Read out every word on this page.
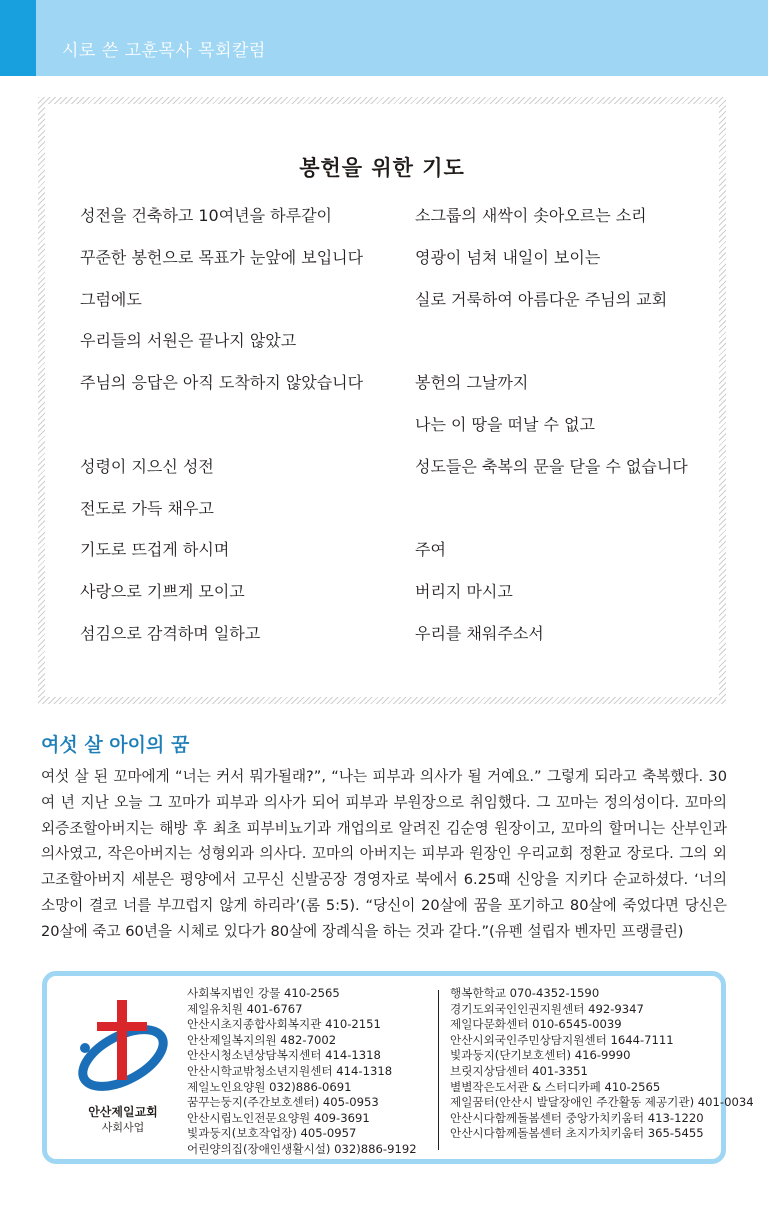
시로 쓴 고훈목사 목회칼럼
봉헌을 위한 기도
성전을 건축하고 10여년을 하루같이
꾸준한 봉헌으로 목표가 눈앞에 보입니다
그럼에도
우리들의 서원은 끝나지 않았고
주님의 응답은 아직 도착하지 않았습니다
성령이 지으신 성전
전도로 가득 채우고
기도로 뜨겁게 하시며
사랑으로 기쁘게 모이고
섬김으로 감격하며 일하고
소그룹의 새싹이 솟아오르는 소리
영광이 넘쳐 내일이 보이는
실로 거룩하여 아름다운 주님의 교회
봉헌의 그날까지
나는 이 땅을 떠날 수 없고
성도들은 축복의 문을 닫을 수 없습니다
주여
버리지 마시고
우리를 채워주소서
여섯 살 아이의 꿈
여섯 살 된 꼬마에게 “너는 커서 뭐가될래?”, “나는 피부과 의사가 될 거예요.” 그렇게 되라고 축복했다. 30여 년 지난 오늘 그 꼬마가 피부과 의사가 되어 피부과 부원장으로 취임했다. 그 꼬마는 정의성이다. 꼬마의 외증조할아버지는 해방 후 최초 피부비뇨기과 개업의로 알려진 김순영 원장이고, 꼬마의 할머니는 산부인과 의사였고, 작은아버지는 성형외과 의사다. 꼬마의 아버지는 피부과 원장인 우리교회 정환교 장로다. 그의 외고조할아버지 세분은 평양에서 고무신 신발공장 경영자로 북에서 6.25때 신앙을 지키다 순교하셨다. ‘너의 소망이 결코 너를 부끄럽지 않게 하리라’(롬 5:5). “당신이 20살에 꿈을 포기하고 80살에 죽었다면 당신은 20살에 죽고 60년을 시체로 있다가 80살에 장례식을 하는 것과 같다.”(유펜 설립자 벤자민 프랭클린)
안산제일교회
사회사업
사회복지법인 강물 410-2565
제일유치원 401-6767
안산시초지종합사회복지관 410-2151
안산제일복지의원 482-7002
안산시청소년상담복지센터 414-1318
안산시학교밖청소년지원센터 414-1318
제일노인요양원 032)886-0691
꿈꾸는둥지(주간보호센터) 405-0953
안산시립노인전문요양원 409-3691
빛과둥지(보호작업장) 405-0957
어린양의집(장애인생활시설) 032)886-9192
행복한학교 070-4352-1590
경기도외국인인권지원센터 492-9347
제일다문화센터 010-6545-0039
안산시외국인주민상담지원센터 1644-7111
빛과둥지(단기보호센터) 416-9990
브릿지상담센터 401-3351
별별작은도서관 & 스터디카페 410-2565
제일꿈터(안산시 발달장애인 주간활동 제공기관) 401-0034
안산시다함께돌봄센터 중앙가치키움터 413-1220
안산시다함께돌봄센터 초지가치키움터 365-5455
